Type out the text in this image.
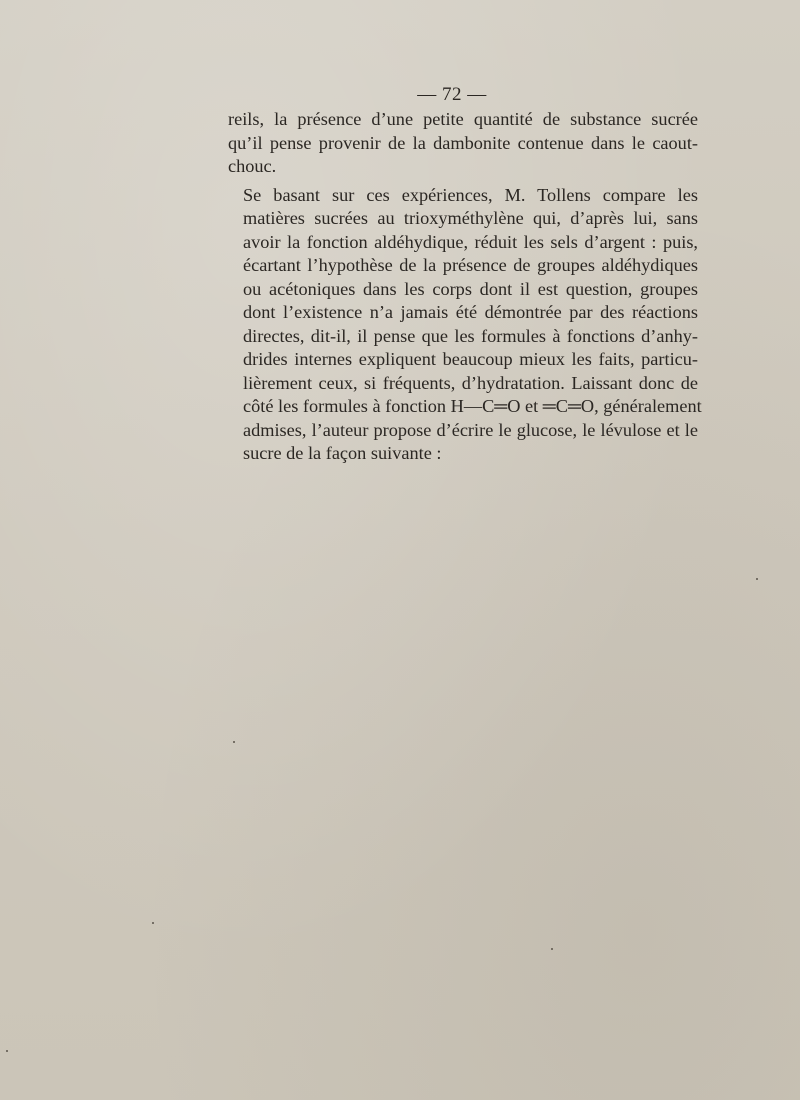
— 72 —

reils, la présence d’une petite quantité de substance sucrée
qu’il pense provenir de la dambonite contenue dans le caout-
chouc.

Se basant sur ces expériences, M. Tollens compare les
matières sucrées au trioxyméthylène qui, d’après lui, sans
avoir la fonction aldéhydique, réduit les sels d’argent : puis,
écartant l’hypothèse de la présence de groupes aldéhydiques
ou acétoniques dans les corps dont il est question, groupes
dont l’existence n’a jamais été démontrée par des réactions
directes, dit-il, il pense que les formules à fonctions d’anhy-
drides internes expliquent beaucoup mieux les faits, particu-
lièrement ceux, si fréquents, d’hydratation. Laissant donc de
côté les formules à fonction H—C═O et ═C═O, généralement
admises, l’auteur propose d’écrire le glucose, le lévulose et le
sucre de la façon suivante :
